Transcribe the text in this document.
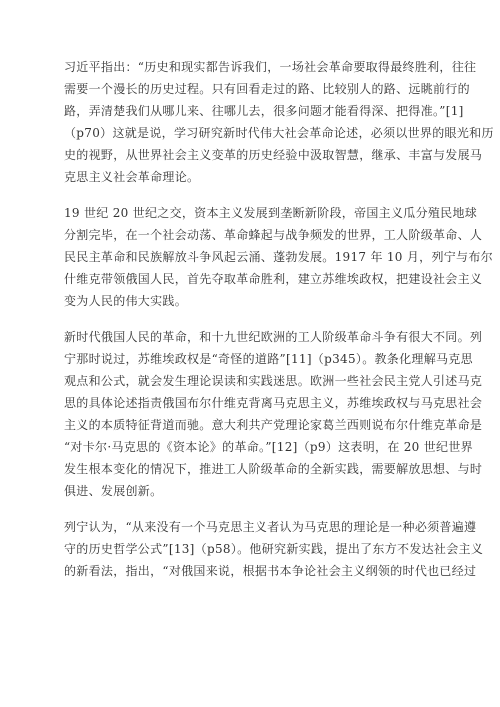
习近平指出：“历史和现实都告诉我们，一场社会革命要取得最终胜利，往往
需要一个漫长的历史过程。只有回看走过的路、比较别人的路、远眺前行的
路，弄清楚我们从哪儿来、往哪儿去，很多问题才能看得深、把得准。”[1]
（p70）这就是说，学习研究新时代伟大社会革命论述，必须以世界的眼光和历
史的视野，从世界社会主义变革的历史经验中汲取智慧，继承、丰富与发展马
克思主义社会革命理论。
19 世纪 20 世纪之交，资本主义发展到垄断新阶段，帝国主义瓜分殖民地球
分割完毕，在一个社会动荡、革命蜂起与战争频发的世界，工人阶级革命、人
民民主革命和民族解放斗争风起云涌、蓬勃发展。1917 年 10 月，列宁与布尔
什维克带领俄国人民，首先夺取革命胜利，建立苏维埃政权，把建设社会主义
变为人民的伟大实践。
新时代俄国人民的革命，和十九世纪欧洲的工人阶级革命斗争有很大不同。列
宁那时说过，苏维埃政权是“奇怪的道路”[11]（p345）。教条化理解马克思
观点和公式，就会发生理论误读和实践迷思。欧洲一些社会民主党人引述马克
思的具体论述指责俄国布尔什维克背离马克思主义，苏维埃政权与马克思社会
主义的本质特征背道而驰。意大利共产党理论家葛兰西则说布尔什维克革命是
“对卡尔·马克思的《资本论》的革命。”[12]（p9）这表明，在 20 世纪世界
发生根本变化的情况下，推进工人阶级革命的全新实践，需要解放思想、与时
俱进、发展创新。
列宁认为，“从来没有一个马克思主义者认为马克思的理论是一种必须普遍遵
守的历史哲学公式”[13]（p58）。他研究新实践，提出了东方不发达社会主义
的新看法，指出，“对俄国来说，根据书本争论社会主义纲领的时代也已经过
